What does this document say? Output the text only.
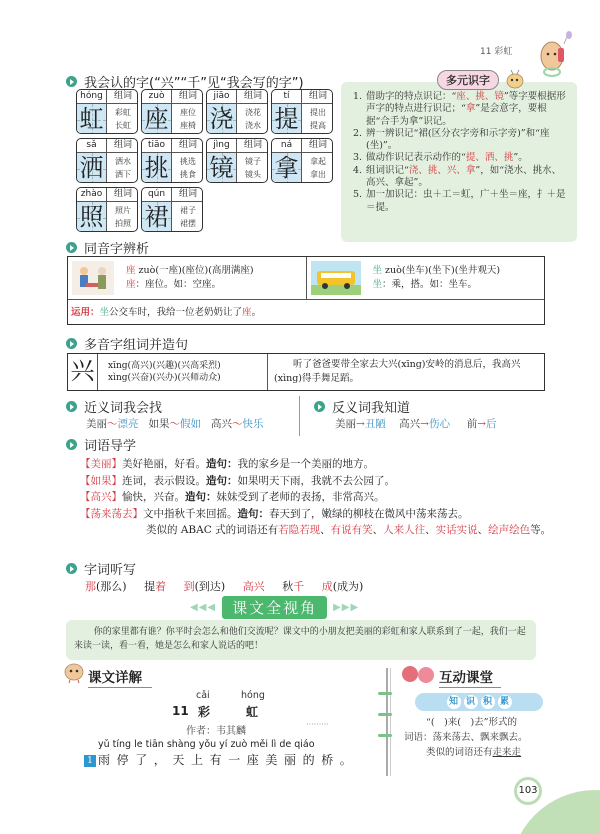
11 彩虹
我会认的字(“兴”“千”见“我会写的字”)
hóng	组词
虹	彩虹
长虹
zuò	组词
座	座位
座椅
jiāo	组词
浇	浇花
浇水
tí	组词
提	提出
提高
sǎ	组词
洒	洒水
洒下
tiāo	组词
挑	挑选
挑食
jìng	组词
镜	镜子
镜头
ná	组词
拿	拿起
拿出
zhào	组词
照	照片
拍照
qún	组词
裙	裙子
裙摆
1. 借助字的特点识记：“座、挑、镜”等字要根据形声字的特点进行识记；“拿”是会意字，要根据“合手为拿”识记。
2. 辨一辨识记“裙(区分衣字旁和示字旁)”和“座(坐)”。
3. 做动作识记表示动作的“提、洒、挑”。
4. 组词识记“浇、挑、兴、拿”，如“浇水、挑水、高兴、拿起”。
5. 加一加识记：虫＋工＝虹，广＋坐＝座，扌＋是＝提。
多元识字
同音字辨析
座 zuò(一座)(座位)(高朋满座)
座：座位。如：空座。
坐 zuò(坐车)(坐下)(坐井观天)
坐：乘，搭。如：坐车。
运用：坐公交车时，我给一位老奶奶让了座。
多音字组词并造句
兴	xīng(高兴)(兴趣)(兴高采烈)
xìng(兴奋)(兴办)(兴师动众)
　　听了爸爸要带全家去大兴(xīng)安岭的消息后，我高兴(xìng)得手舞足蹈。
近义词我会找
美丽～漂亮 如果～假如 高兴～快乐
反义词我知道
美丽→丑陋 高兴→伤心 前→后
词语导学
【美丽】美好艳丽，好看。造句：我的家乡是一个美丽的地方。
【如果】连词，表示假设。造句：如果明天下雨，我就不去公园了。
【高兴】愉快，兴奋。造句：妹妹受到了老师的表扬，非常高兴。
【荡来荡去】文中指秋千来回摇。造句：春天到了，嫩绿的柳枝在微风中荡来荡去。
类似的 ABAC 式的词语还有若隐若现、有说有笑、人来人往、实话实说、绘声绘色等。
字词听写
那(那么) 提着 到(到达) 高兴 秋千 成(成为)
◀◀◀	课文全视角	▶▶▶
你的家里都有谁？你平时会怎么和他们交流呢？课文中的小朋友把美丽的彩虹和家人联系到了一起，我们一起来读一读，看一看，她是怎么和家人说话的吧！
课文详解
cǎi	hóng
11 彩	虹
作者：韦其麟
·········
yǔ tíng le tiān shàng yǒu yí zuò měi lì de qiáo
1 雨停了，天上有一座美丽的桥。
互动课堂
知 识 积 累
“(　)来(　)去”形式的
词语：荡来荡去、飘来飘去。
类似的词语还有走来走
103
